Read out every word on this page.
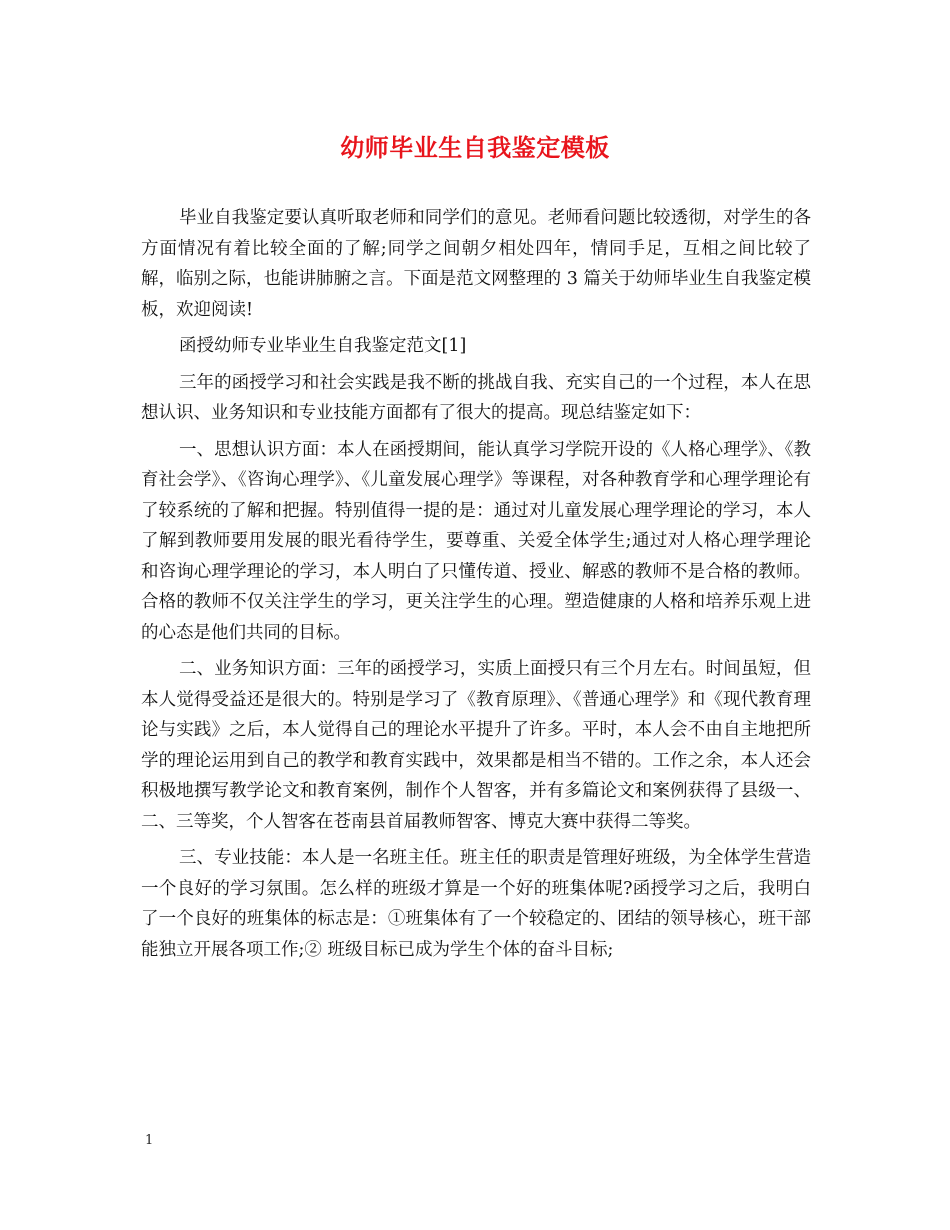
幼师毕业生自我鉴定模板

毕业自我鉴定要认真听取老师和同学们的意见。老师看问题比较透彻，对学生的各方面情况有着比较全面的了解;同学之间朝夕相处四年，情同手足，互相之间比较了解，临别之际，也能讲肺腑之言。下面是范文网整理的 3 篇关于幼师毕业生自我鉴定模板，欢迎阅读!

函授幼师专业毕业生自我鉴定范文[1]

三年的函授学习和社会实践是我不断的挑战自我、充实自己的一个过程，本人在思想认识、业务知识和专业技能方面都有了很大的提高。现总结鉴定如下：

一、思想认识方面：本人在函授期间，能认真学习学院开设的《人格心理学》、《教育社会学》、《咨询心理学》、《儿童发展心理学》等课程，对各种教育学和心理学理论有了较系统的了解和把握。特别值得一提的是：通过对儿童发展心理学理论的学习，本人了解到教师要用发展的眼光看待学生，要尊重、关爱全体学生;通过对人格心理学理论和咨询心理学理论的学习，本人明白了只懂传道、授业、解惑的教师不是合格的教师。合格的教师不仅关注学生的学习，更关注学生的心理。塑造健康的人格和培养乐观上进的心态是他们共同的目标。

二、业务知识方面：三年的函授学习，实质上面授只有三个月左右。时间虽短，但本人觉得受益还是很大的。特别是学习了《教育原理》、《普通心理学》和《现代教育理论与实践》之后，本人觉得自己的理论水平提升了许多。平时，本人会不由自主地把所学的理论运用到自己的教学和教育实践中，效果都是相当不错的。工作之余，本人还会积极地撰写教学论文和教育案例，制作个人智客，并有多篇论文和案例获得了县级一、二、三等奖，个人智客在苍南县首届教师智客、博克大赛中获得二等奖。

三、专业技能：本人是一名班主任。班主任的职责是管理好班级，为全体学生营造一个良好的学习氛围。怎么样的班级才算是一个好的班集体呢?函授学习之后，我明白了一个良好的班集体的标志是：①班集体有了一个较稳定的、团结的领导核心，班干部能独立开展各项工作;② 班级目标已成为学生个体的奋斗目标;

1
